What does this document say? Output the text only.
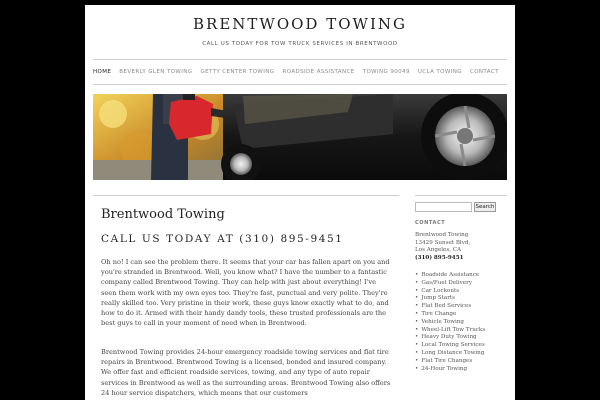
BRENTWOOD TOWING
CALL US TODAY FOR TOW TRUCK SERVICES IN BRENTWOOD
HOME BEVERLY GLEN TOWING GETTY CENTER TOWING ROADSIDE ASSISTANCE TOWING 90049 UCLA TOWING CONTACT
Brentwood Towing
CALL US TODAY AT (310) 895-9451
Oh no! I can see the problem there. It seems that your car has fallen apart on you and you're stranded in Brentwood. Well, you know what? I have the number to a fantastic company called Brentwood Towing. They can help with just about everything! I've seen them work with my own eyes too. They're fast, punctual and very polite. They're really skilled too. Very pristine in their work, these guys know exactly what to do, and how to do it. Armed with their handy dandy tools, these trusted professionals are the best guys to call in your moment of need when in Brentwood.
Brentwood Towing provides 24-hour emergency roadside towing services and flat tire repairs in Brentwood. Brentwood Towing is a licensed, bonded and insured company. We offer fast and efficient roadside services, towing, and any type of auto repair services in Brentwood as well as the surrounding areas. Brentwood Towing also offers 24 hour service dispatchers, which means that our customers
Search
CONTACT
Brentwood Towing
13429 Sunset Blvd,
Los Angeles, CA
(310) 895-9451
• Roadside Assistance
• Gas/Fuel Delivery
• Car Lockouts
• Jump Starts
• Flat Bed Services
• Tire Change
• Vehicle Towing
• Wheel-Lift Tow Trucks
• Heavy Duty Towing
• Local Towing Services
• Long Distance Towing
• Flat Tire Changes
• 24-Hour Towing
